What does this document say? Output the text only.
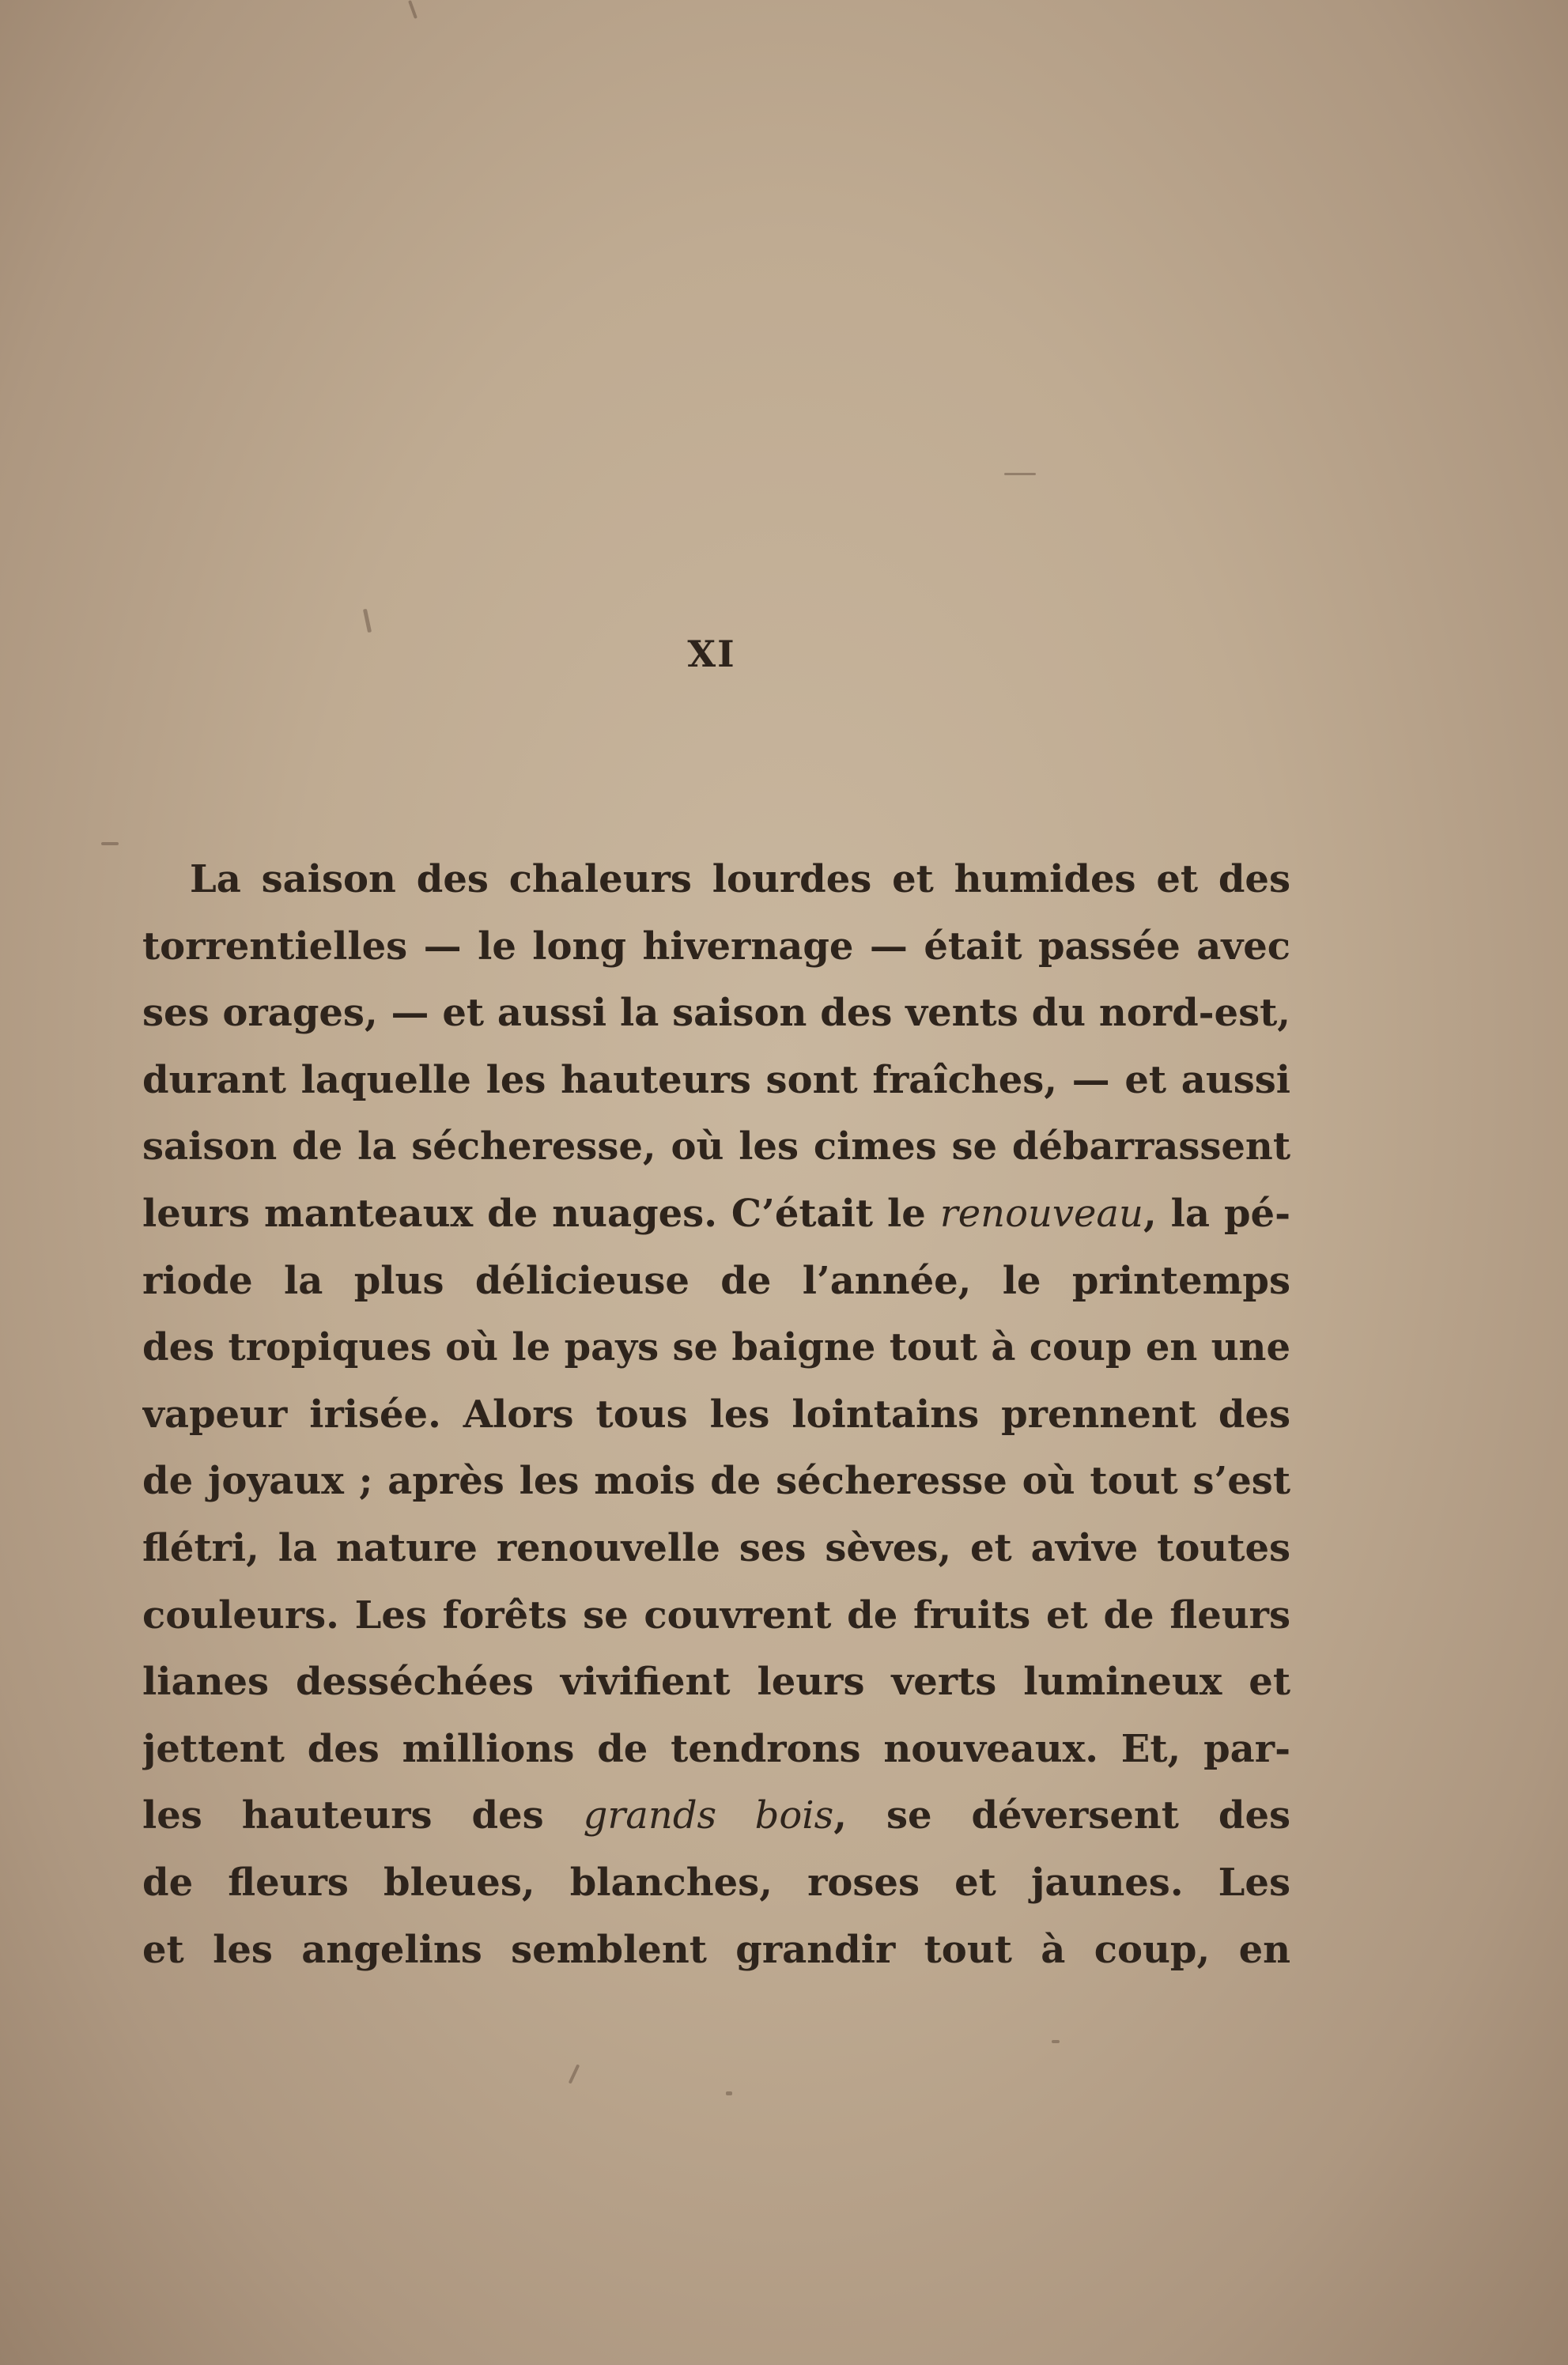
XI
La saison des chaleurs lourdes et humides et des
torrentielles — le long hivernage — était passée avec
ses orages, — et aussi la saison des vents du nord-est,
durant laquelle les hauteurs sont fraîches, — et aussi
saison de la sécheresse, où les cimes se débarrassent
leurs manteaux de nuages. C’était le renouveau, la pé-
riode la plus délicieuse de l’année, le printemps
des tropiques où le pays se baigne tout à coup en une
vapeur irisée. Alors tous les lointains prennent des
de joyaux ; après les mois de sécheresse où tout s’est
flétri, la nature renouvelle ses sèves, et avive toutes
couleurs. Les forêts se couvrent de fruits et de fleurs
lianes desséchées vivifient leurs verts lumineux et
jettent des millions de tendrons nouveaux. Et, par-
les hauteurs des grands bois, se déversent des
de fleurs bleues, blanches, roses et jaunes. Les
et les angelins semblent grandir tout à coup, en
